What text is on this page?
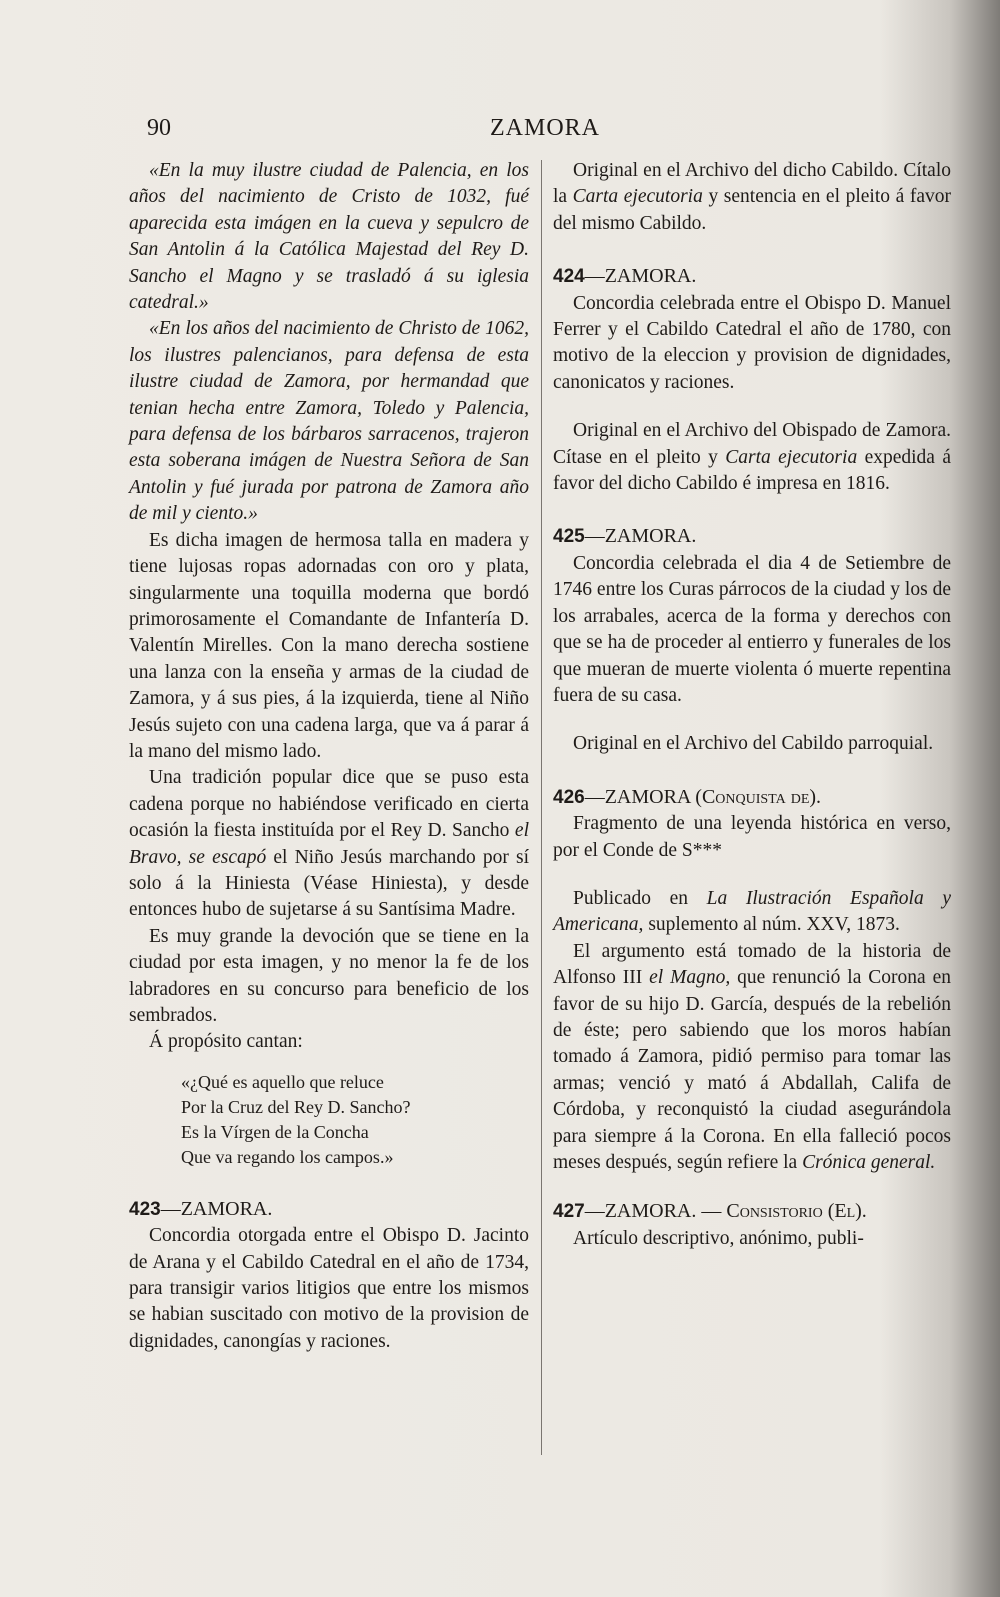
90	ZAMORA

«En la muy ilustre ciudad de Palencia, en los años del nacimiento de Cristo de 1032, fué aparecida esta imágen en la cueva y sepulcro de San Antolin á la Católica Majestad del Rey D. Sancho el Magno y se trasladó á su iglesia catedral.»

«En los años del nacimiento de Christo de 1062, los ilustres palencianos, para defensa de esta ilustre ciudad de Zamora, por hermandad que tenian hecha entre Zamora, Toledo y Palencia, para defensa de los bárbaros sarracenos, trajeron esta soberana imágen de Nuestra Señora de San Antolin y fué jurada por patrona de Zamora año de mil y ciento.»

Es dicha imagen de hermosa talla en madera y tiene lujosas ropas adornadas con oro y plata, singularmente una toquilla moderna que bordó primorosamente el Comandante de Infantería D. Valentín Mirelles. Con la mano derecha sostiene una lanza con la enseña y armas de la ciudad de Zamora, y á sus pies, á la izquierda, tiene al Niño Jesús sujeto con una cadena larga, que va á parar á la mano del mismo lado.

Una tradición popular dice que se puso esta cadena porque no habiéndose verificado en cierta ocasión la fiesta instituída por el Rey D. Sancho el Bravo, se escapó el Niño Jesús marchando por sí solo á la Hiniesta (Véase Hiniesta), y desde entonces hubo de sujetarse á su Santísima Madre.

Es muy grande la devoción que se tiene en la ciudad por esta imagen, y no menor la fe de los labradores en su concurso para beneficio de los sembrados.

Á propósito cantan:

«¿Qué es aquello que reluce
Por la Cruz del Rey D. Sancho?
Es la Vírgen de la Concha
Que va regando los campos.»

423—ZAMORA.

Concordia otorgada entre el Obispo D. Jacinto de Arana y el Cabildo Catedral en el año de 1734, para transigir varios litigios que entre los mismos se habian suscitado con motivo de la provision de dignidades, canongías y raciones.

Original en el Archivo del dicho Cabildo. Cítalo la Carta ejecutoria y sentencia en el pleito á favor del mismo Cabildo.

424—ZAMORA.

Concordia celebrada entre el Obispo D. Manuel Ferrer y el Cabildo Catedral el año de 1780, con motivo de la eleccion y provision de dignidades, canonicatos y raciones.

Original en el Archivo del Obispado de Zamora. Cítase en el pleito y Carta ejecutoria expedida á favor del dicho Cabildo é impresa en 1816.

425—ZAMORA.

Concordia celebrada el dia 4 de Setiembre de 1746 entre los Curas párrocos de la ciudad y los de los arrabales, acerca de la forma y derechos con que se ha de proceder al entierro y funerales de los que mueran de muerte violenta ó muerte repentina fuera de su casa.

Original en el Archivo del Cabildo parroquial.

426—ZAMORA (Conquista de).

Fragmento de una leyenda histórica en verso, por el Conde de S***

Publicado en La Ilustración Española y Americana, suplemento al núm. XXV, 1873.

El argumento está tomado de la historia de Alfonso III el Magno, que renunció la Corona en favor de su hijo D. García, después de la rebelión de éste; pero sabiendo que los moros habían tomado á Zamora, pidió permiso para tomar las armas; venció y mató á Abdallah, Califa de Córdoba, y reconquistó la ciudad asegurándola para siempre á la Corona. En ella falleció pocos meses después, según refiere la Crónica general.

427—ZAMORA. — Consistorio (El).

Artículo descriptivo, anónimo, publi-
